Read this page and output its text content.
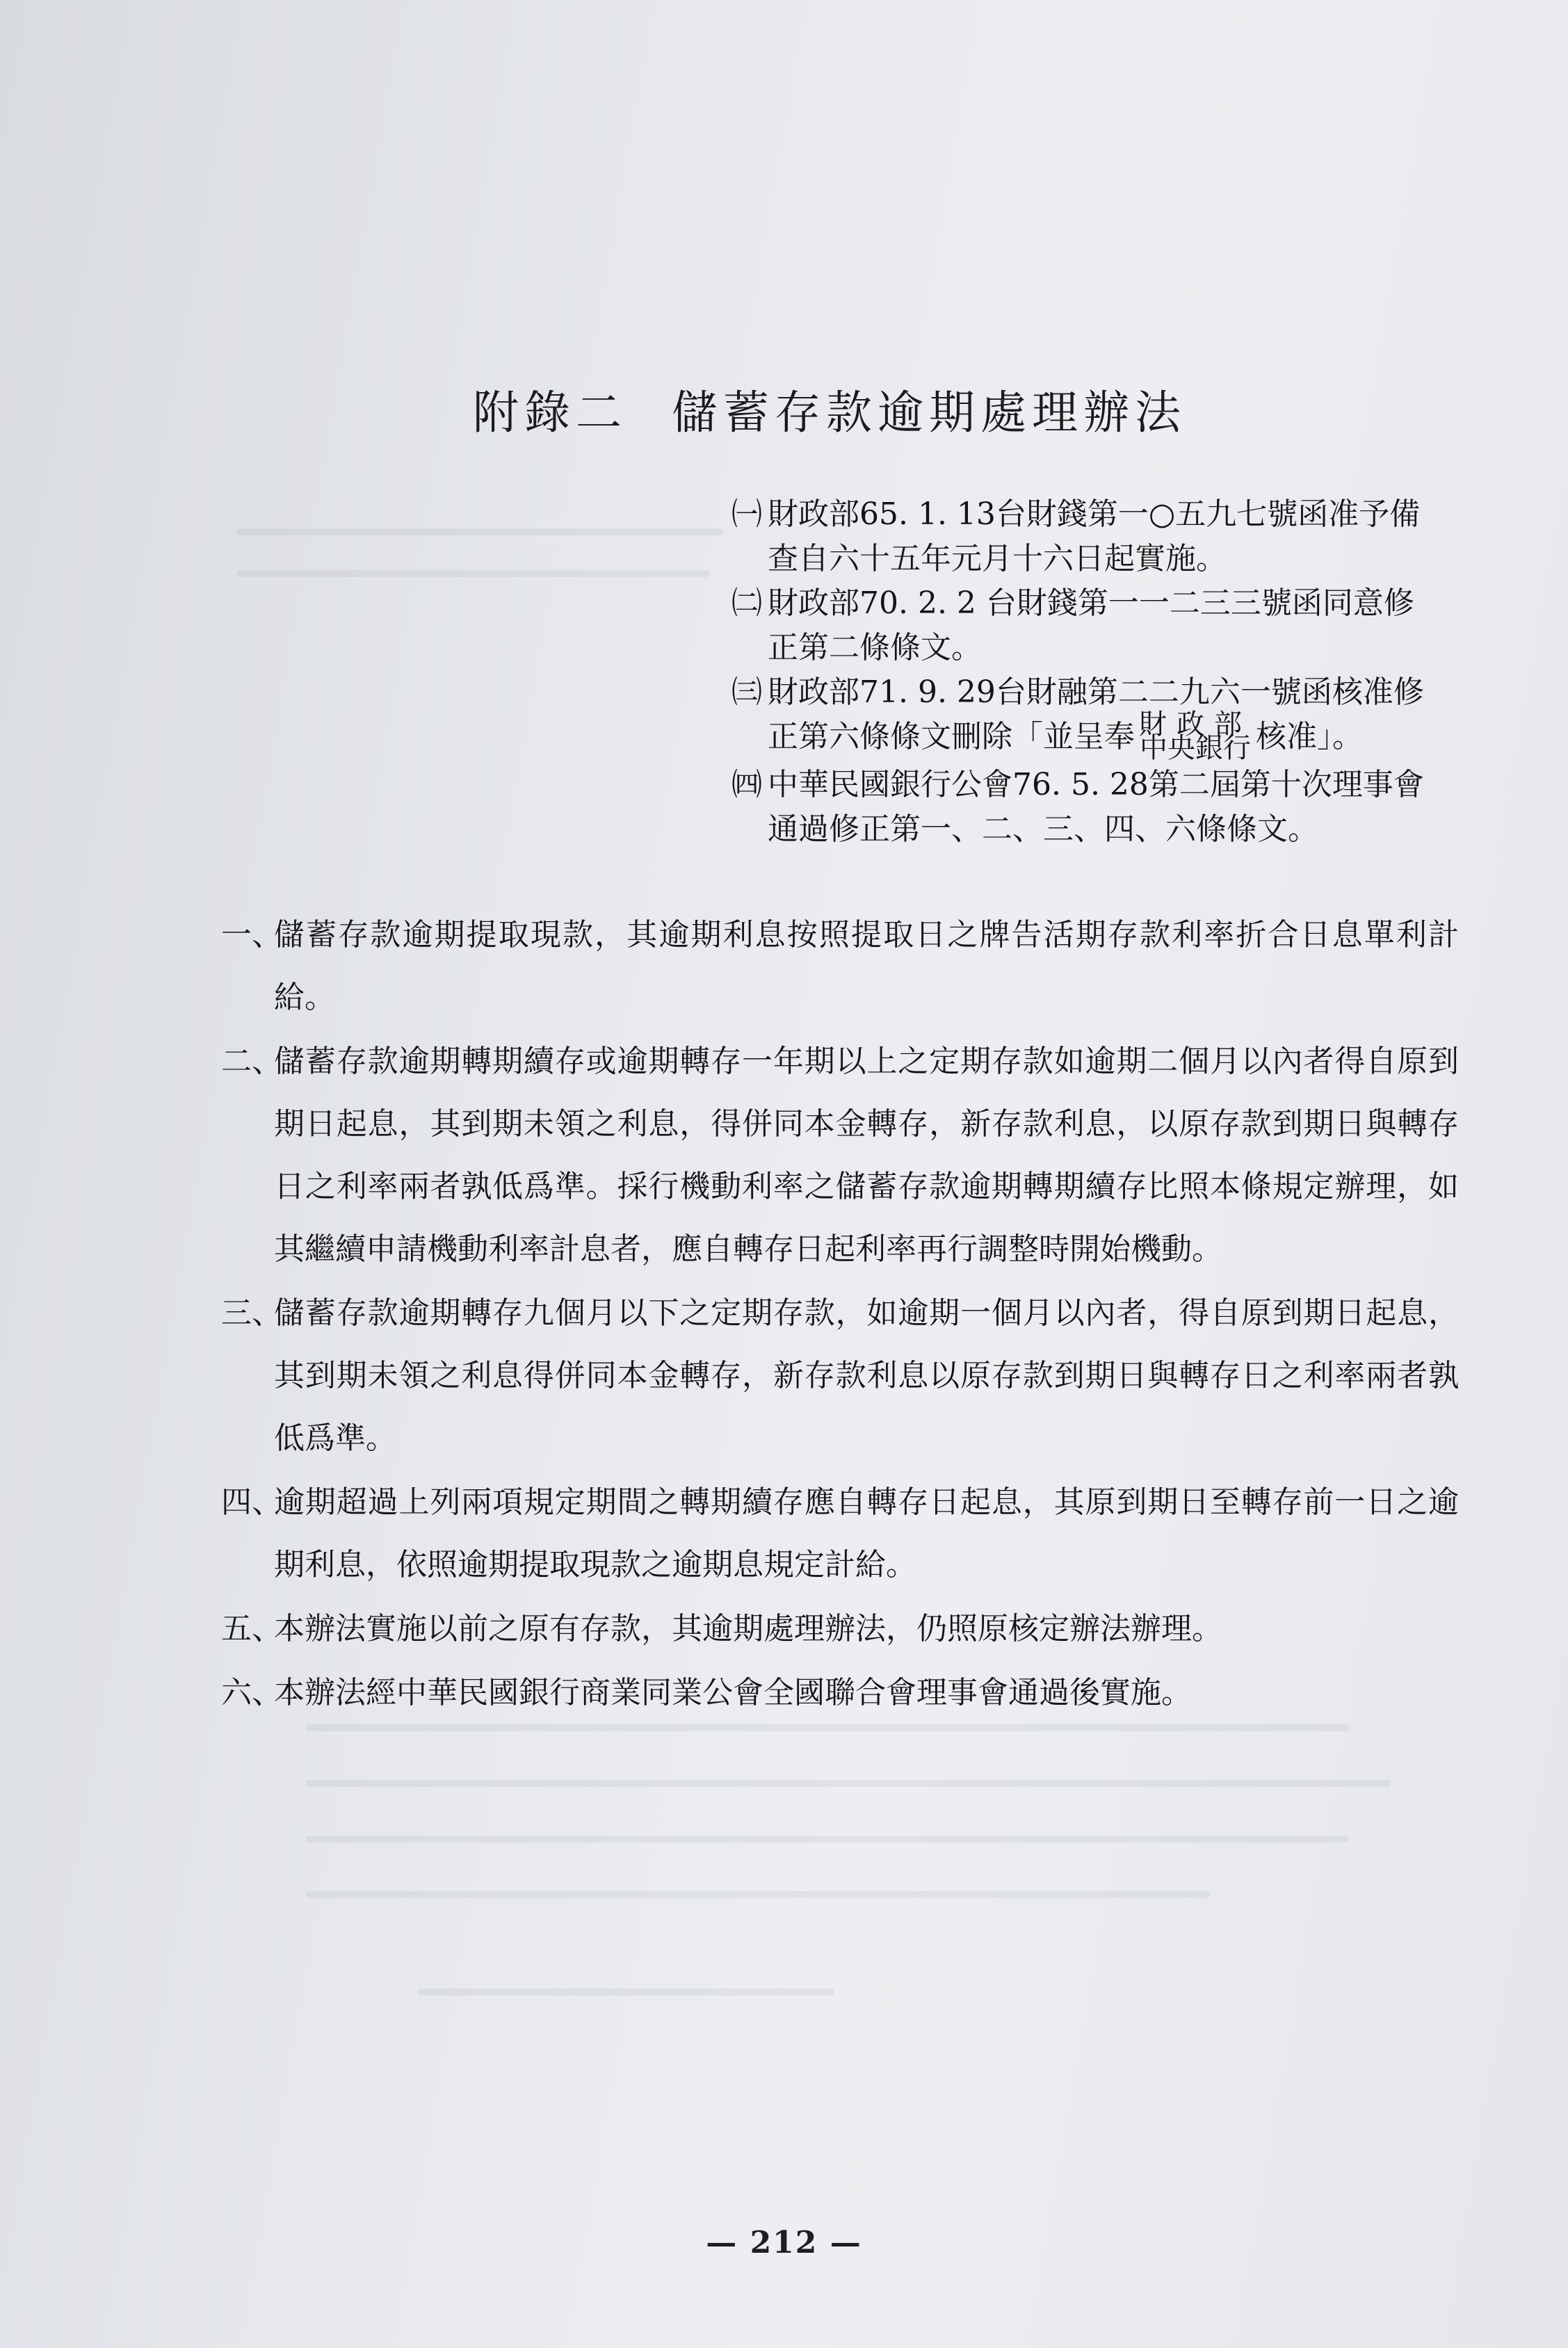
附錄二 儲蓄存款逾期處理辦法
㈠ 財政部65. 1. 13台財錢第一○五九七號函准予備
查自六十五年元月十六日起實施。
㈡ 財政部70. 2. 2 台財錢第一一二三三號函同意修
正第二條條文。
㈢ 財政部71. 9. 29台財融第二二九六一號函核准修
正第六條條文刪除「並呈奉 財政部
中央銀行 核准」。
㈣ 中華民國銀行公會76. 5. 28第二屆第十次理事會
通過修正第一、二、三、四、六條條文。
一、
儲蓄存款逾期提取現款，其逾期利息按照提取日之牌告活期存款利率折合日息單利計給。
二、
儲蓄存款逾期轉期續存或逾期轉存一年期以上之定期存款如逾期二個月以內者得自原到期日起息，其到期未領之利息，得併同本金轉存，新存款利息，以原存款到期日與轉存日之利率兩者孰低爲準。採行機動利率之儲蓄存款逾期轉期續存比照本條規定辦理，如其繼續申請機動利率計息者，應自轉存日起利率再行調整時開始機動。
三、
儲蓄存款逾期轉存九個月以下之定期存款，如逾期一個月以內者，得自原到期日起息，其到期未領之利息得併同本金轉存，新存款利息以原存款到期日與轉存日之利率兩者孰低爲準。
四、
逾期超過上列兩項規定期間之轉期續存應自轉存日起息，其原到期日至轉存前一日之逾期利息，依照逾期提取現款之逾期息規定計給。
五、
本辦法實施以前之原有存款，其逾期處理辦法，仍照原核定辦法辦理。
六、
本辦法經中華民國銀行商業同業公會全國聯合會理事會通過後實施。
— 212 —
